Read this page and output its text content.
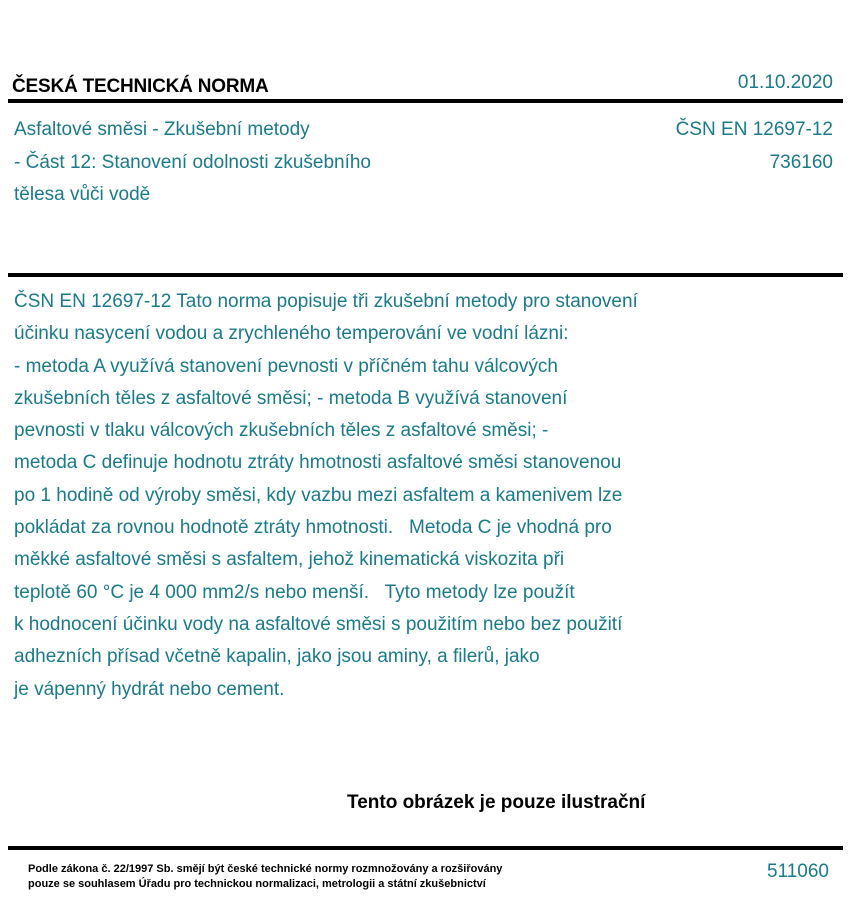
ČESKÁ TECHNICKÁ NORMA	01.10.2020
Asfaltové směsi - Zkušební metody
- Část 12: Stanovení odolnosti zkušebního
tělesa vůči vodě
ČSN EN 12697-12
736160
ČSN EN 12697-12 Tato norma popisuje tři zkušební metody pro stanovení
účinku nasycení vodou a zrychleného temperování ve vodní lázni:
- metoda A využívá stanovení pevnosti v příčném tahu válcových
zkušebních těles z asfaltové směsi; - metoda B využívá stanovení
pevnosti v tlaku válcových zkušebních těles z asfaltové směsi; -
metoda C definuje hodnotu ztráty hmotnosti asfaltové směsi stanovenou
po 1 hodině od výroby směsi, kdy vazbu mezi asfaltem a kamenivem lze
pokládat za rovnou hodnotě ztráty hmotnosti.   Metoda C je vhodná pro
měkké asfaltové směsi s asfaltem, jehož kinematická viskozita při
teplotě 60 °C je 4 000 mm2/s nebo menší.   Tyto metody lze použít
k hodnocení účinku vody na asfaltové směsi s použitím nebo bez použití
adhezních přísad včetně kapalin, jako jsou aminy, a filerů, jako
je vápenný hydrát nebo cement.
Tento obrázek je pouze ilustrační
Podle zákona č. 22/1997 Sb. smějí být české technické normy rozmnožovány a rozšiřovány
pouze se souhlasem Úřadu pro technickou normalizaci, metrologii a státní zkušebnictví
511060
